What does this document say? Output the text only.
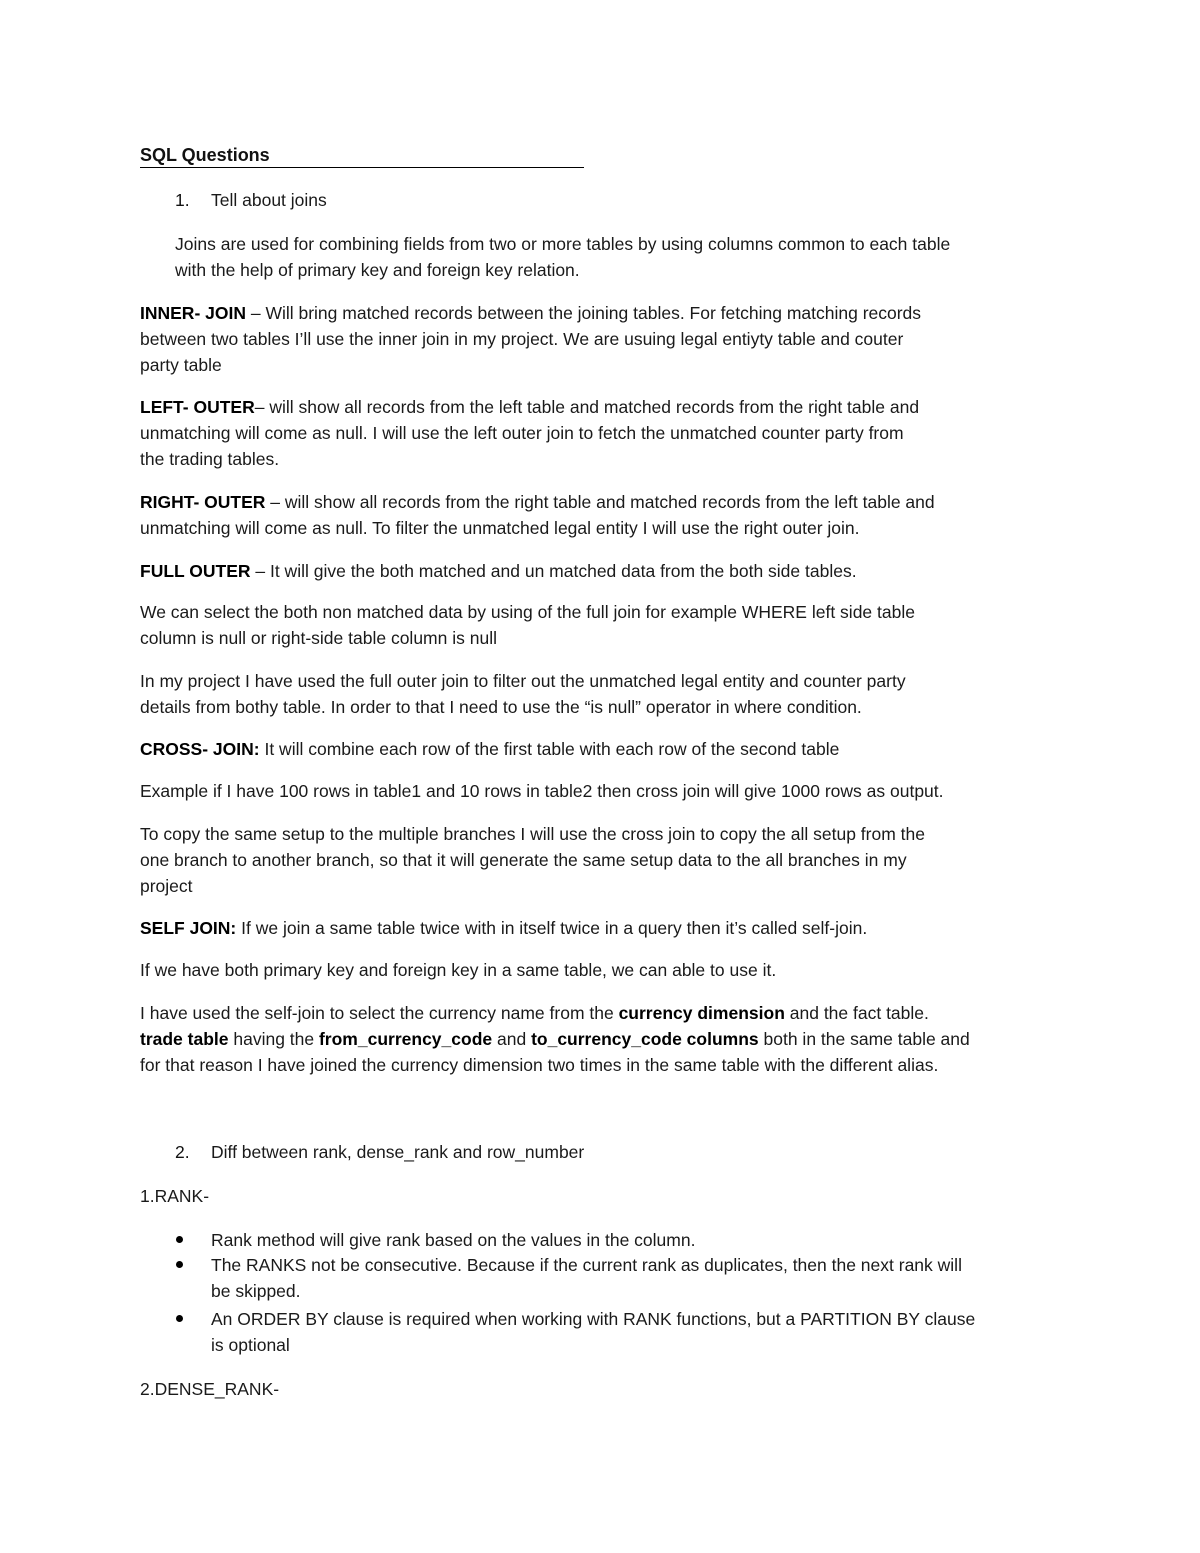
SQL Questions
1. Tell about joins
Joins are used for combining fields from two or more tables by using columns common to each table
with the help of primary key and foreign key relation.
INNER- JOIN – Will bring matched records between the joining tables. For fetching matching records
between two tables I’ll use the inner join in my project. We are usuing legal entiyty table and couter
party table
LEFT- OUTER– will show all records from the left table and matched records from the right table and
unmatching will come as null. I will use the left outer join to fetch the unmatched counter party from
the trading tables.
RIGHT- OUTER – will show all records from the right table and matched records from the left table and
unmatching will come as null. To filter the unmatched legal entity I will use the right outer join.
FULL OUTER – It will give the both matched and un matched data from the both side tables.
We can select the both non matched data by using of the full join for example WHERE left side table
column is null or right-side table column is null
In my project I have used the full outer join to filter out the unmatched legal entity and counter party
details from bothy table. In order to that I need to use the “is null” operator in where condition.
CROSS- JOIN: It will combine each row of the first table with each row of the second table
Example if I have 100 rows in table1 and 10 rows in table2 then cross join will give 1000 rows as output.
To copy the same setup to the multiple branches I will use the cross join to copy the all setup from the
one branch to another branch, so that it will generate the same setup data to the all branches in my
project
SELF JOIN: If we join a same table twice with in itself twice in a query then it’s called self-join.
If we have both primary key and foreign key in a same table, we can able to use it.
I have used the self-join to select the currency name from the currency dimension and the fact table.
trade table having the from_currency_code and to_currency_code columns both in the same table and
for that reason I have joined the currency dimension two times in the same table with the different alias.
2. Diff between rank, dense_rank and row_number
1.RANK-
Rank method will give rank based on the values in the column.
The RANKS not be consecutive. Because if the current rank as duplicates, then the next rank will
be skipped.
An ORDER BY clause is required when working with RANK functions, but a PARTITION BY clause
is optional
2.DENSE_RANK-
